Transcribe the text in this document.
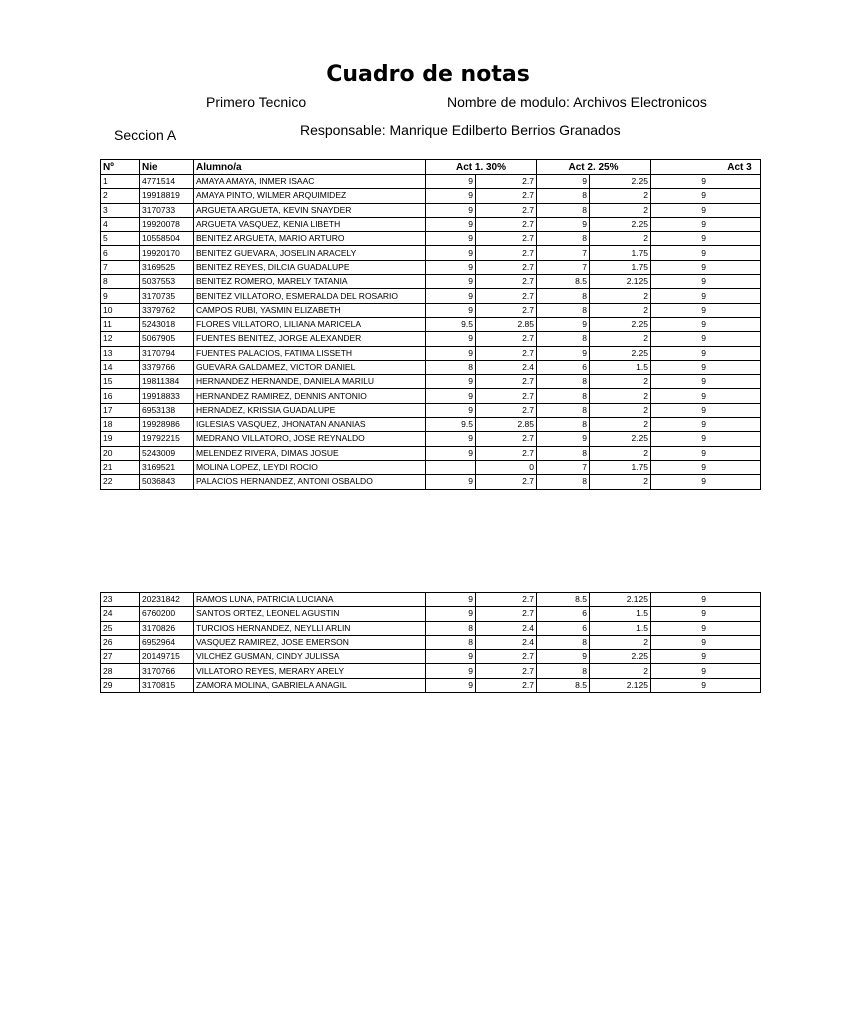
Cuadro de notas
Primero Tecnico	Nombre de modulo: Archivos Electronicos
Seccion A	Responsable: Manrique Edilberto Berrios Granados
Nº	Nie	Alumno/a	Act 1. 30%		Act 2. 25%		Act 3
1	4771514	AMAYA AMAYA, INMER ISAAC	9	2.7	9	2.25	9
2	19918819	AMAYA PINTO, WILMER ARQUIMIDEZ	9	2.7	8	2	9
3	3170733	ARGUETA ARGUETA, KEVIN SNAYDER	9	2.7	8	2	9
4	19920078	ARGUETA VASQUEZ, KENIA LIBETH	9	2.7	9	2.25	9
5	10558504	BENITEZ ARGUETA, MARIO ARTURO	9	2.7	8	2	9
6	19920170	BENITEZ GUEVARA, JOSELIN ARACELY	9	2.7	7	1.75	9
7	3169525	BENITEZ REYES, DILCIA GUADALUPE	9	2.7	7	1.75	9
8	5037553	BENITEZ ROMERO, MARELY TATANIA	9	2.7	8.5	2.125	9
9	3170735	BENITEZ VILLATORO, ESMERALDA DEL ROSARIO	9	2.7	8	2	9
10	3379762	CAMPOS RUBI, YASMIN ELIZABETH	9	2.7	8	2	9
11	5243018	FLORES VILLATORO, LILIANA MARICELA	9.5	2.85	9	2.25	9
12	5067905	FUENTES BENITEZ, JORGE ALEXANDER	9	2.7	8	2	9
13	3170794	FUENTES PALACIOS, FATIMA LISSETH	9	2.7	9	2.25	9
14	3379766	GUEVARA GALDAMEZ, VICTOR DANIEL	8	2.4	6	1.5	9
15	19811384	HERNANDEZ HERNANDE, DANIELA MARILU	9	2.7	8	2	9
16	19918833	HERNANDEZ RAMIREZ, DENNIS ANTONIO	9	2.7	8	2	9
17	6953138	HERNADEZ, KRISSIA GUADALUPE	9	2.7	8	2	9
18	19928986	IGLESIAS VASQUEZ, JHONATAN ANANIAS	9.5	2.85	8	2	9
19	19792215	MEDRANO VILLATORO, JOSE REYNALDO	9	2.7	9	2.25	9
20	5243009	MELENDEZ RIVERA, DIMAS JOSUE	9	2.7	8	2	9
21	3169521	MOLINA LOPEZ, LEYDI ROCIO		0	7	1.75	9
22	5036843	PALACIOS HERNANDEZ, ANTONI OSBALDO	9	2.7	8	2	9
23	20231842	RAMOS LUNA, PATRICIA LUCIANA	9	2.7	8.5	2.125	9
24	6760200	SANTOS ORTEZ, LEONEL AGUSTIN	9	2.7	6	1.5	9
25	3170826	TURCIOS HERNANDEZ, NEYLLI ARLIN	8	2.4	6	1.5	9
26	6952964	VASQUEZ RAMIREZ, JOSE EMERSON	8	2.4	8	2	9
27	20149715	VILCHEZ GUSMAN, CINDY JULISSA	9	2.7	9	2.25	9
28	3170766	VILLATORO REYES, MERARY ARELY	9	2.7	8	2	9
29	3170815	ZAMORA MOLINA, GABRIELA ANAGIL	9	2.7	8.5	2.125	9
